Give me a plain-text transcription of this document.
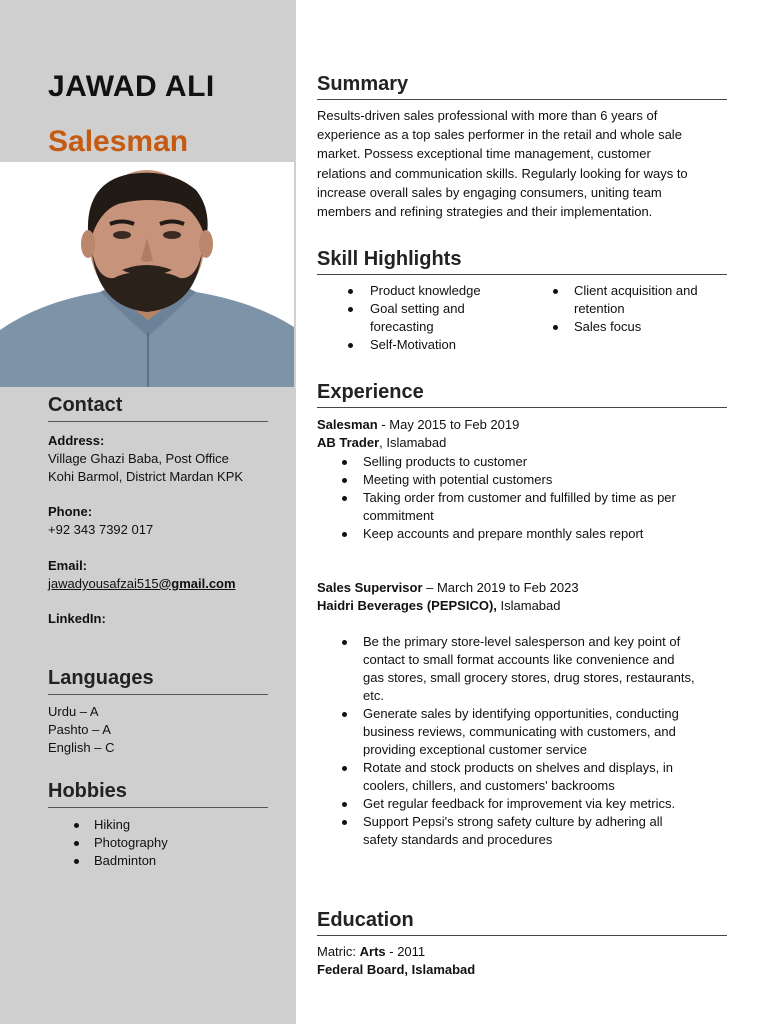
JAWAD ALI
Salesman
Contact
Address:
Village Ghazi Baba, Post Office
Kohi Barmol, District Mardan KPK
Phone:
+92 343 7392 017
Email:
jawadyousafzai515@gmail.com
LinkedIn:
Languages
Urdu – A
Pashto – A
English – C
Hobbies
Hiking
Photography
Badminton
Summary

Results-driven sales professional with more than 6 years of

experience as a top sales performer in the retail and whole sale

market. Possess exceptional time management, customer

relations and communication skills. Regularly looking for ways to

increase overall sales by engaging consumers, uniting team

members and refining strategies and their implementation.

Skill Highlights
Product knowledge
Goal setting and
forecasting
Self-Motivation
Client acquisition and
retention
Sales focus
Experience
Salesman - May 2015 to Feb 2019
AB Trader, Islamabad
Selling products to customer
Meeting with potential customers
Taking order from customer and fulfilled by time as per
commitment
Keep accounts and prepare monthly sales report
Sales Supervisor – March 2019 to Feb 2023
Haidri Beverages (PEPSICO), Islamabad
Be the primary store-level salesperson and key point of
contact to small format accounts like convenience and
gas stores, small grocery stores, drug stores, restaurants,
etc.
Generate sales by identifying opportunities, conducting
business reviews, communicating with customers, and
providing exceptional customer service
Rotate and stock products on shelves and displays, in
coolers, chillers, and customers' backrooms
Get regular feedback for improvement via key metrics.
Support Pepsi's strong safety culture by adhering all
safety standards and procedures
Education
Matric: Arts - 2011
Federal Board, Islamabad
